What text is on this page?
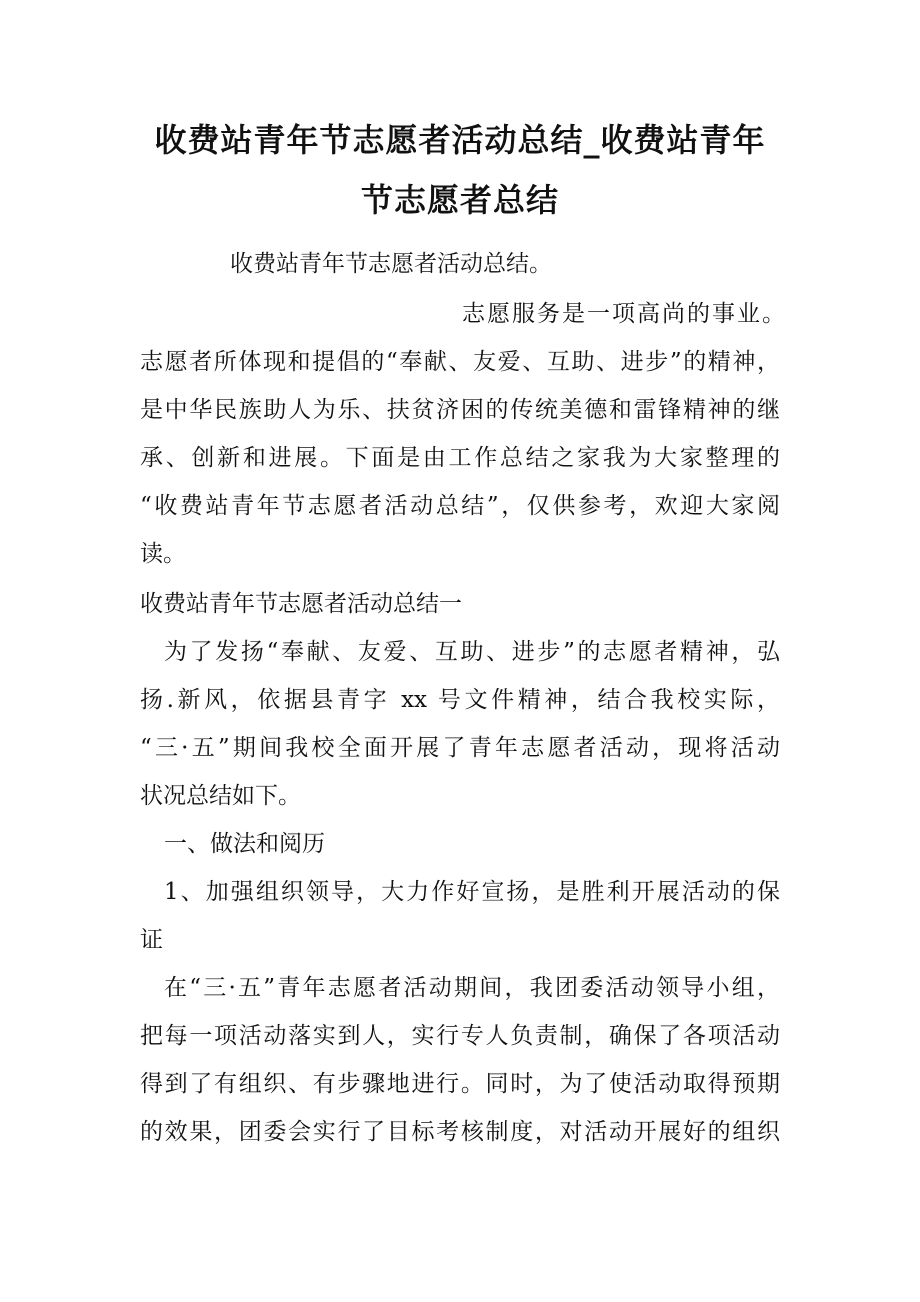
收费站青年节志愿者活动总结_收费站青年
节志愿者总结

收费站青年节志愿者活动总结。

志愿服务是一项高尚的事业。

志愿者所体现和提倡的“奉献、友爱、互助、进步”的精神，

是中华民族助人为乐、扶贫济困的传统美德和雷锋精神的继

承、创新和进展。下面是由工作总结之家我为大家整理的

“收费站青年节志愿者活动总结”，仅供参考，欢迎大家阅

读。

收费站青年节志愿者活动总结一

为了发扬“奉献、友爱、互助、进步”的志愿者精神，弘

扬.新风，依据县青字 xx 号文件精神，结合我校实际，

“三·五”期间我校全面开展了青年志愿者活动，现将活动

状况总结如下。

一、做法和阅历

1、加强组织领导，大力作好宣扬，是胜利开展活动的保

证

在“三·五”青年志愿者活动期间，我团委活动领导小组，

把每一项活动落实到人，实行专人负责制，确保了各项活动

得到了有组织、有步骤地进行。同时，为了使活动取得预期

的效果，团委会实行了目标考核制度，对活动开展好的组织
